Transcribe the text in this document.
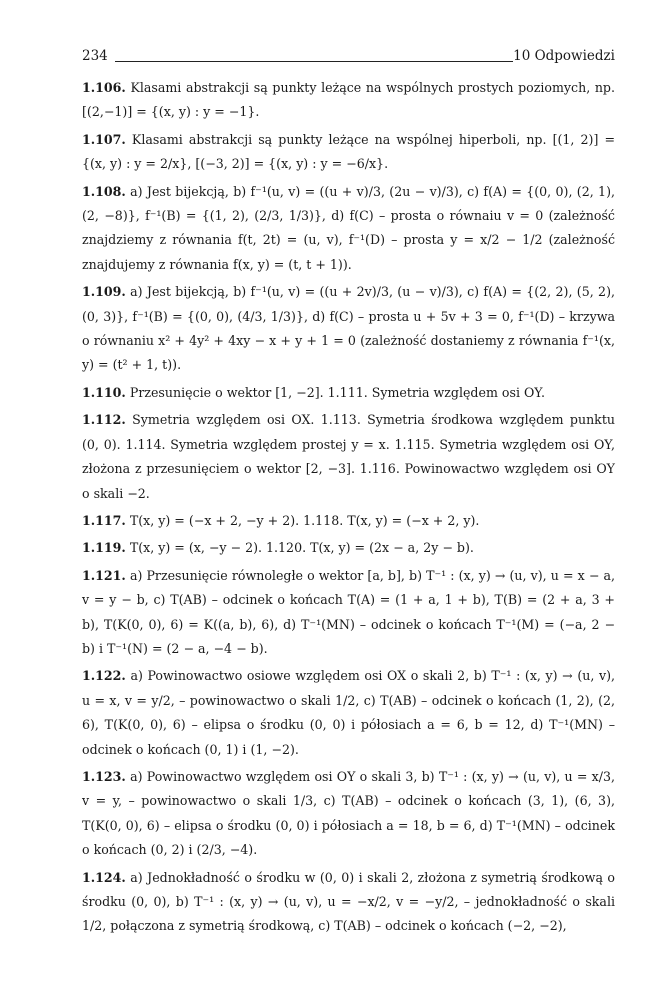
234	10 Odpowiedzi

1.106. Klasami abstrakcji są punkty leżące na wspólnych prostych poziomych, np. [(2,−1)] = {(x, y) : y = −1}.

1.107. Klasami abstrakcji są punkty leżące na wspólnej hiperboli, np. [(1, 2)] = {(x, y) : y = 2/x}, [(−3, 2)] = {(x, y) : y = −6/x}.

1.108. a) Jest bijekcją, b) f⁻¹(u, v) = ((u + v)/3, (2u − v)/3), c) f(A) = {(0, 0), (2, 1), (2, −8)}, f⁻¹(B) = {(1, 2), (2/3, 1/3)}, d) f(C) – prosta o równaiu v = 0 (zależność znajdziemy z równania f(t, 2t) = (u, v), f⁻¹(D) – prosta y = x/2 − 1/2 (zależność znajdujemy z równania f(x, y) = (t, t + 1)).

1.109. a) Jest bijekcją, b) f⁻¹(u, v) = ((u + 2v)/3, (u − v)/3), c) f(A) = {(2, 2), (5, 2), (0, 3)}, f⁻¹(B) = {(0, 0), (4/3, 1/3)}, d) f(C) – prosta u + 5v + 3 = 0, f⁻¹(D) – krzywa o równaniu x² + 4y² + 4xy − x + y + 1 = 0 (zależność dostaniemy z równania f⁻¹(x, y) = (t² + 1, t)).

1.110. Przesunięcie o wektor [1, −2]. 1.111. Symetria względem osi OY.

1.112. Symetria względem osi OX. 1.113. Symetria środkowa względem punktu (0, 0). 1.114. Symetria względem prostej y = x. 1.115. Symetria względem osi OY, złożona z przesunięciem o wektor [2, −3]. 1.116. Powinowactwo względem osi OY o skali −2.

1.117. T(x, y) = (−x + 2, −y + 2). 1.118. T(x, y) = (−x + 2, y).

1.119. T(x, y) = (x, −y − 2). 1.120. T(x, y) = (2x − a, 2y − b).

1.121. a) Przesunięcie równoległe o wektor [a, b], b) T⁻¹ : (x, y) → (u, v), u = x − a, v = y − b, c) T(AB) – odcinek o końcach T(A) = (1 + a, 1 + b), T(B) = (2 + a, 3 + b), T(K(0, 0), 6) = K((a, b), 6), d) T⁻¹(MN) – odcinek o końcach T⁻¹(M) = (−a, 2 − b) i T⁻¹(N) = (2 − a, −4 − b).

1.122. a) Powinowactwo osiowe względem osi OX o skali 2, b) T⁻¹ : (x, y) → (u, v), u = x, v = y/2, – powinowactwo o skali 1/2, c) T(AB) – odcinek o końcach (1, 2), (2, 6), T(K(0, 0), 6) – elipsa o środku (0, 0) i półosiach a = 6, b = 12, d) T⁻¹(MN) – odcinek o końcach (0, 1) i (1, −2).

1.123. a) Powinowactwo względem osi OY o skali 3, b) T⁻¹ : (x, y) → (u, v), u = x/3, v = y, – powinowactwo o skali 1/3, c) T(AB) – odcinek o końcach (3, 1), (6, 3), T(K(0, 0), 6) – elipsa o środku (0, 0) i półosiach a = 18, b = 6, d) T⁻¹(MN) – odcinek o końcach (0, 2) i (2/3, −4).

1.124. a) Jednokładność o środku w (0, 0) i skali 2, złożona z symetrią środkową o środku (0, 0), b) T⁻¹ : (x, y) → (u, v), u = −x/2, v = −y/2, – jednokładność o skali 1/2, połączona z symetrią środkową, c) T(AB) – odcinek o końcach (−2, −2),
